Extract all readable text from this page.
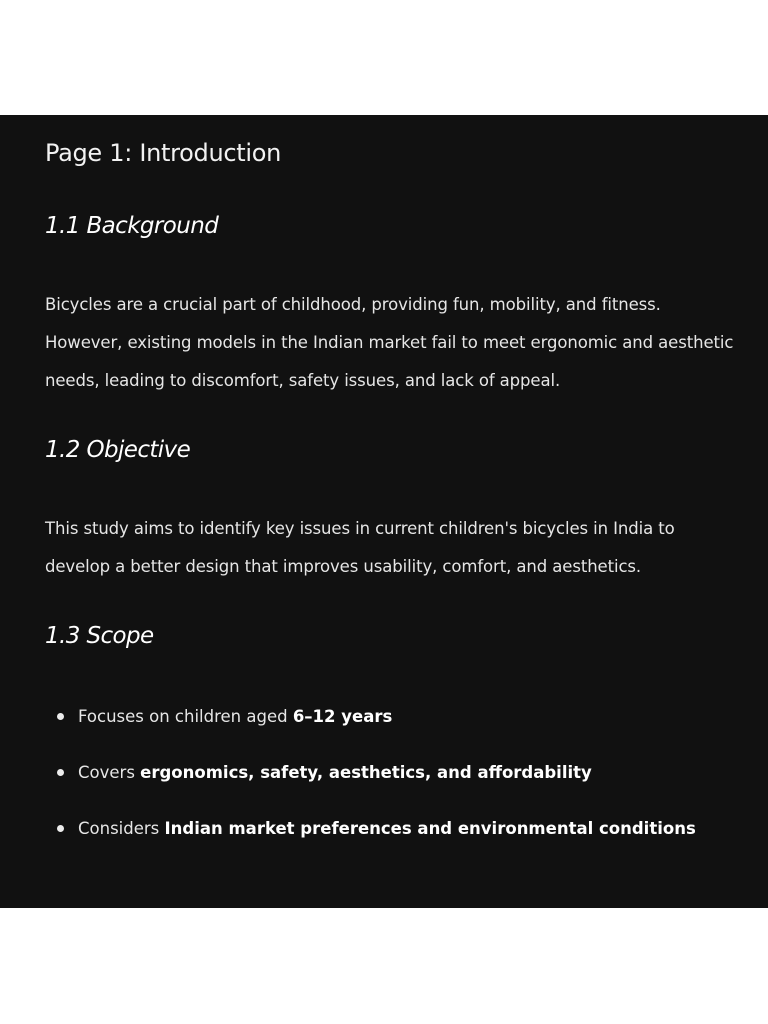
Page 1: Introduction
1.1 Background

Bicycles are a crucial part of childhood, providing fun, mobility, and fitness. However, existing models in the Indian market fail to meet ergonomic and aesthetic needs, leading to discomfort, safety issues, and lack of appeal.

1.2 Objective

This study aims to identify key issues in current children's bicycles in India to develop a better design that improves usability, comfort, and aesthetics.

1.3 Scope
Focuses on children aged 6–12 years
Covers ergonomics, safety, aesthetics, and affordability
Considers Indian market preferences and environmental conditions
